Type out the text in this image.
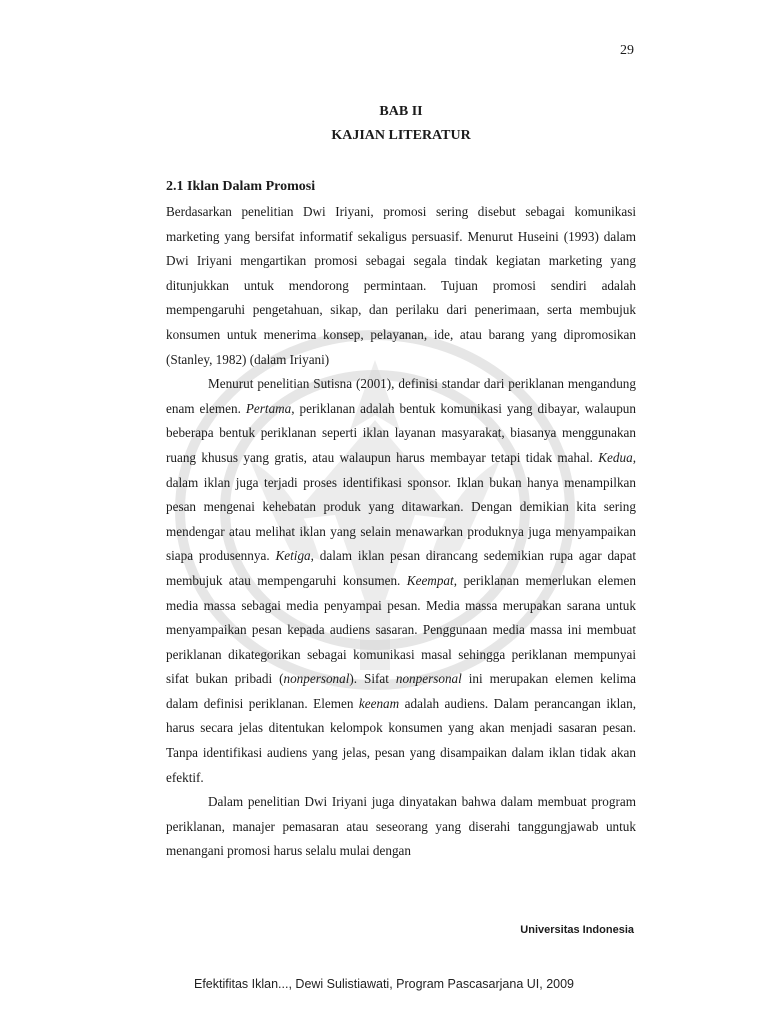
29
BAB II
KAJIAN LITERATUR
2.1 Iklan Dalam Promosi

Berdasarkan penelitian Dwi Iriyani, promosi sering disebut sebagai komunikasi marketing yang bersifat informatif sekaligus persuasif. Menurut Huseini (1993) dalam Dwi Iriyani mengartikan promosi sebagai segala tindak kegiatan marketing yang ditunjukkan untuk mendorong permintaan. Tujuan promosi sendiri adalah mempengaruhi pengetahuan, sikap, dan perilaku dari penerimaan, serta membujuk konsumen untuk menerima konsep, pelayanan, ide, atau barang yang dipromosikan (Stanley, 1982) (dalam Iriyani)

Menurut penelitian Sutisna (2001), definisi standar dari periklanan mengandung enam elemen. Pertama, periklanan adalah bentuk komunikasi yang dibayar, walaupun beberapa bentuk periklanan seperti iklan layanan masyarakat, biasanya menggunakan ruang khusus yang gratis, atau walaupun harus membayar tetapi tidak mahal. Kedua, dalam iklan juga terjadi proses identifikasi sponsor. Iklan bukan hanya menampilkan pesan mengenai kehebatan produk yang ditawarkan. Dengan demikian kita sering mendengar atau melihat iklan yang selain menawarkan produknya juga menyampaikan siapa produsennya. Ketiga, dalam iklan pesan dirancang sedemikian rupa agar dapat membujuk atau mempengaruhi konsumen. Keempat, periklanan memerlukan elemen media massa sebagai media penyampai pesan. Media massa merupakan sarana untuk menyampaikan pesan kepada audiens sasaran. Penggunaan media massa ini membuat periklanan dikategorikan sebagai komunikasi masal sehingga periklanan mempunyai sifat bukan pribadi (nonpersonal). Sifat nonpersonal ini merupakan elemen kelima dalam definisi periklanan. Elemen keenam adalah audiens. Dalam perancangan iklan, harus secara jelas ditentukan kelompok konsumen yang akan menjadi sasaran pesan. Tanpa identifikasi audiens yang jelas, pesan yang disampaikan dalam iklan tidak akan efektif.

Dalam penelitian Dwi Iriyani juga dinyatakan bahwa dalam membuat program periklanan, manajer pemasaran atau seseorang yang diserahi tanggungjawab untuk menangani promosi harus selalu mulai dengan

Universitas Indonesia
Efektifitas Iklan..., Dewi Sulistiawati, Program Pascasarjana UI, 2009
